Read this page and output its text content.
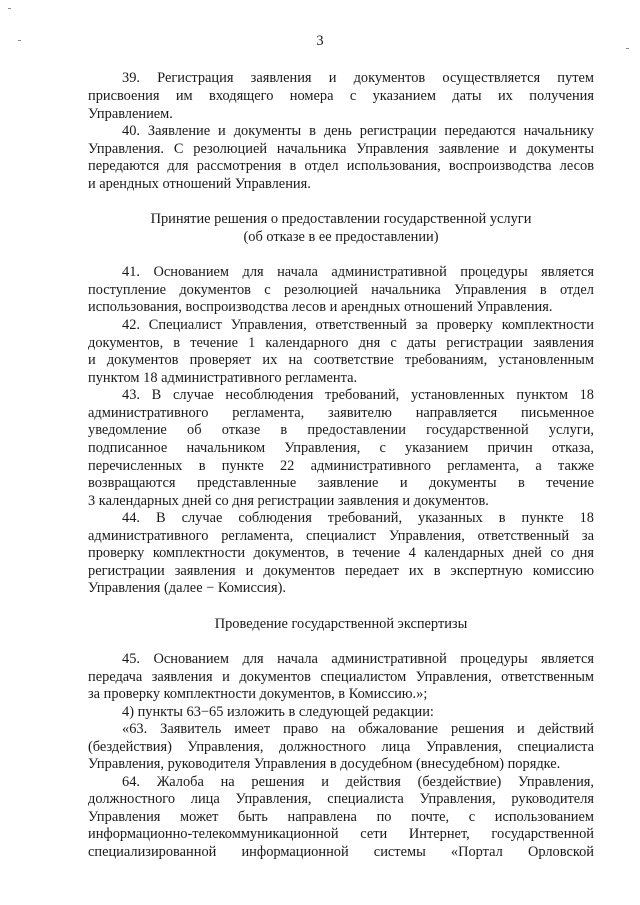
3
39. Регистрация заявления и документов осуществляется путем
присвоения им входящего номера с указанием даты их получения
Управлением.
40. Заявление и документы в день регистрации передаются начальнику
Управления. С резолюцией начальника Управления заявление и документы
передаются для рассмотрения в отдел использования, воспроизводства лесов
и арендных отношений Управления.
Принятие решения о предоставлении государственной услуги
(об отказе в ее предоставлении)
41. Основанием для начала административной процедуры является
поступление документов с резолюцией начальника Управления в отдел
использования, воспроизводства лесов и арендных отношений Управления.
42. Специалист Управления, ответственный за проверку комплектности
документов, в течение 1 календарного дня с даты регистрации заявления
и документов проверяет их на соответствие требованиям, установленным
пунктом 18 административного регламента.
43. В случае несоблюдения требований, установленных пунктом 18
административного регламента, заявителю направляется письменное
уведомление об отказе в предоставлении государственной услуги,
подписанное начальником Управления, с указанием причин отказа,
перечисленных в пункте 22 административного регламента, а также
возвращаются представленные заявление и документы в течение
3 календарных дней со дня регистрации заявления и документов.
44. В случае соблюдения требований, указанных в пункте 18
административного регламента, специалист Управления, ответственный за
проверку комплектности документов, в течение 4 календарных дней со дня
регистрации заявления и документов передает их в экспертную комиссию
Управления (далее − Комиссия).
Проведение государственной экспертизы
45. Основанием для начала административной процедуры является
передача заявления и документов специалистом Управления, ответственным
за проверку комплектности документов, в Комиссию.»;
4) пункты 63−65 изложить в следующей редакции:
«63. Заявитель имеет право на обжалование решения и действий
(бездействия) Управления, должностного лица Управления, специалиста
Управления, руководителя Управления в досудебном (внесудебном) порядке.
64. Жалоба на решения и действия (бездействие) Управления,
должностного лица Управления, специалиста Управления, руководителя
Управления может быть направлена по почте, с использованием
информационно-телекоммуникационной сети Интернет, государственной
специализированной информационной системы «Портал Орловской
